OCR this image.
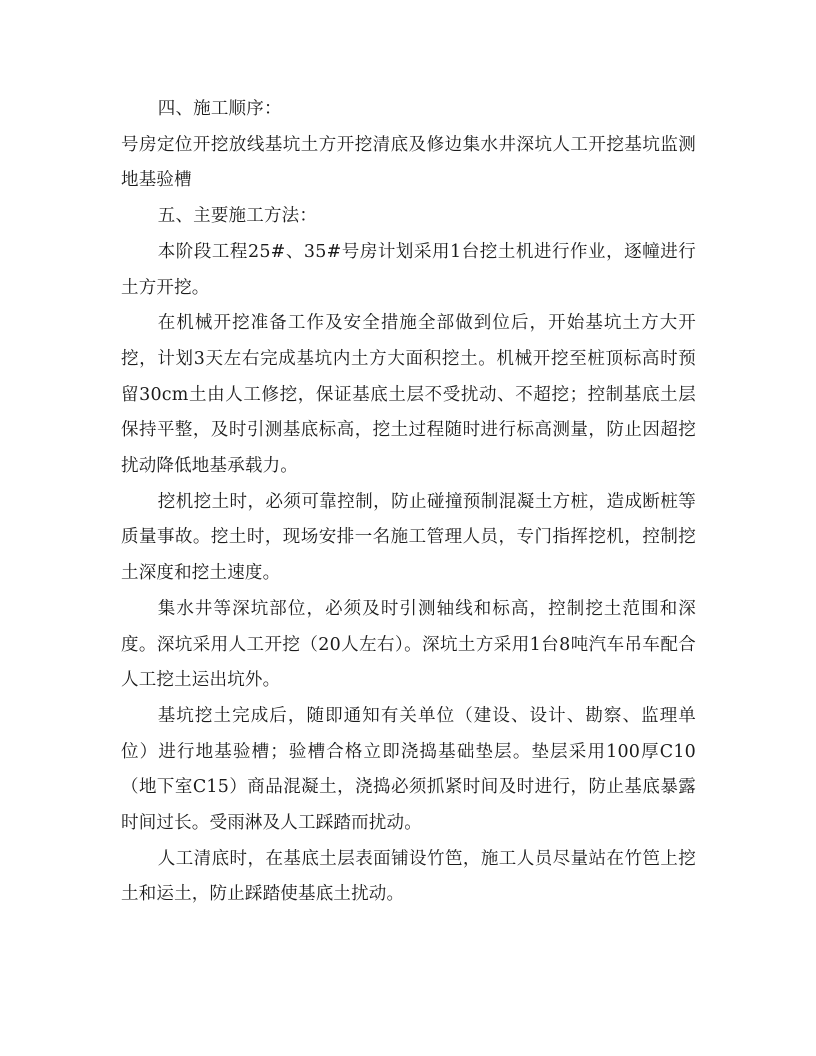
四、施工顺序：

号房定位开挖放线基坑土方开挖清底及修边集水井深坑人工开挖基坑监测地基验槽

五、主要施工方法：

本阶段工程25#、35#号房计划采用1台挖土机进行作业，逐幢进行土方开挖。

在机械开挖准备工作及安全措施全部做到位后，开始基坑土方大开挖，计划3天左右完成基坑内土方大面积挖土。机械开挖至桩顶标高时预留30cm土由人工修挖，保证基底土层不受扰动、不超挖；控制基底土层保持平整，及时引测基底标高，挖土过程随时进行标高测量，防止因超挖扰动降低地基承载力。

挖机挖土时，必须可靠控制，防止碰撞预制混凝土方桩，造成断桩等质量事故。挖土时，现场安排一名施工管理人员，专门指挥挖机，控制挖土深度和挖土速度。

集水井等深坑部位，必须及时引测轴线和标高，控制挖土范围和深度。深坑采用人工开挖（20人左右）。深坑土方采用1台8吨汽车吊车配合人工挖土运出坑外。

基坑挖土完成后，随即通知有关单位（建设、设计、勘察、监理单位）进行地基验槽；验槽合格立即浇捣基础垫层。垫层采用100厚C10（地下室C15）商品混凝土，浇捣必须抓紧时间及时进行，防止基底暴露时间过长。受雨淋及人工踩踏而扰动。

人工清底时，在基底土层表面铺设竹笆，施工人员尽量站在竹笆上挖土和运土，防止踩踏使基底土扰动。
